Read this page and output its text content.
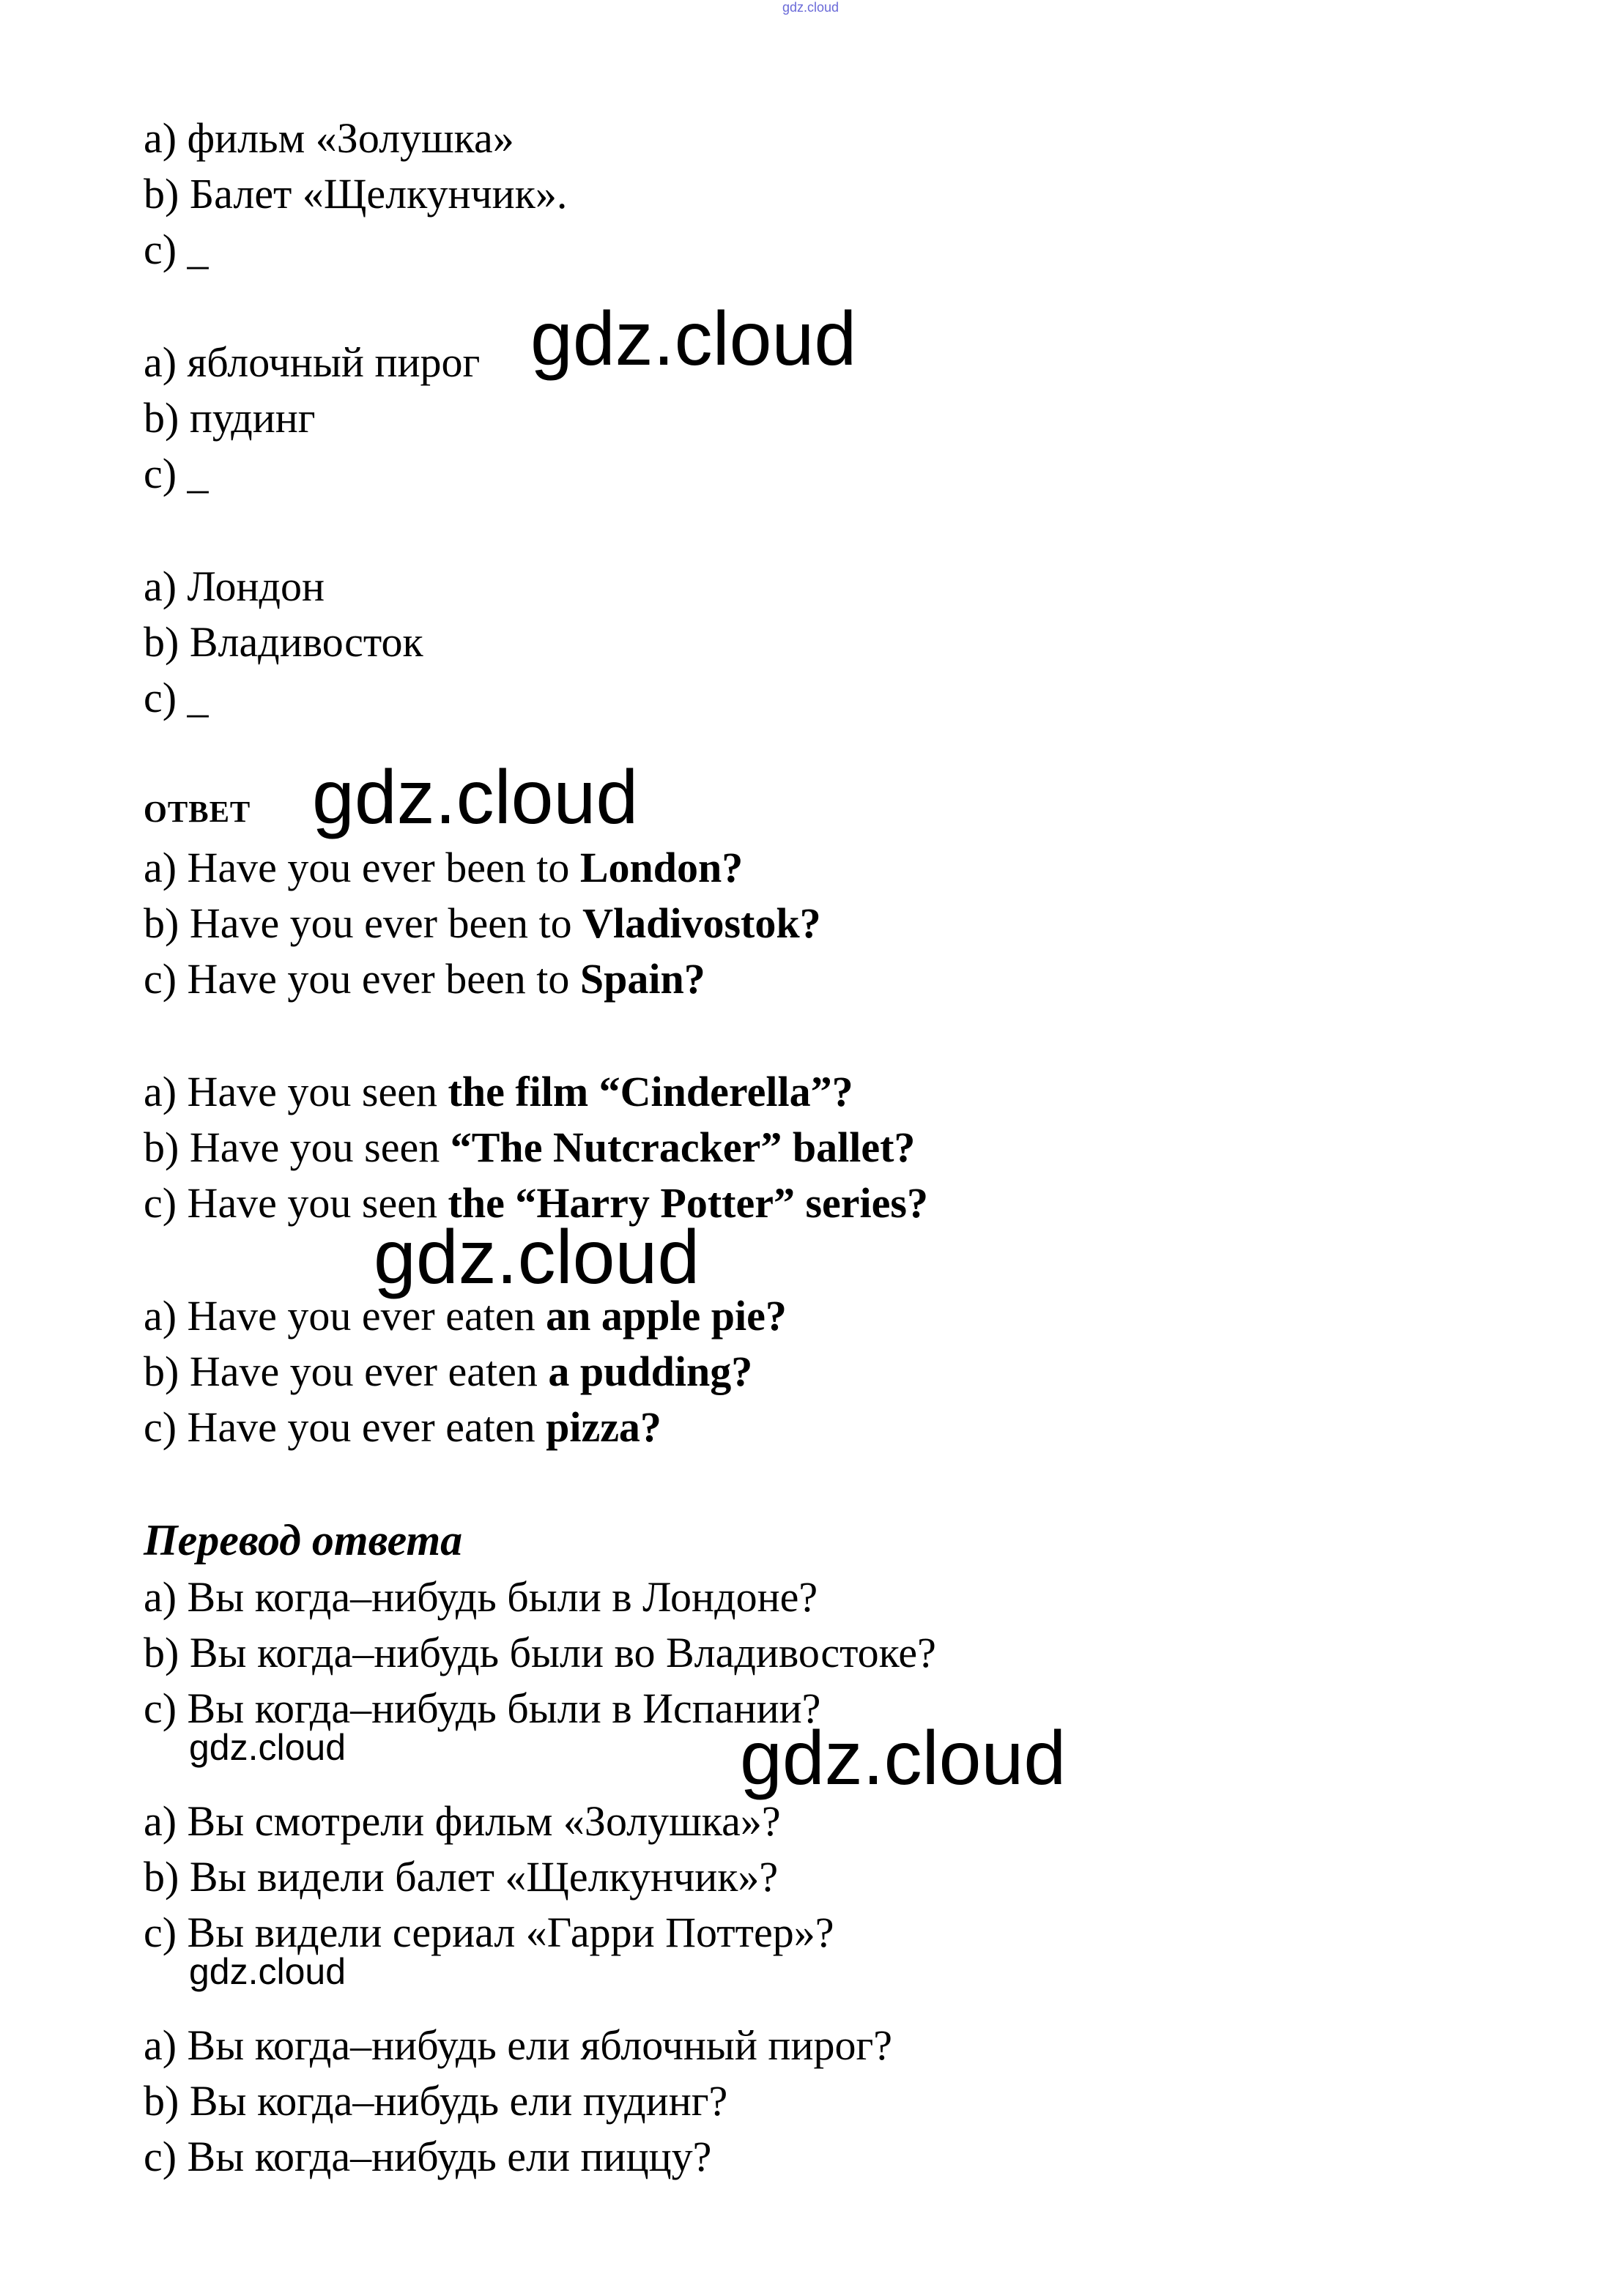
gdz.cloud
a) фильм «Золушка»
b) Балет «Щелкунчик».
c) _
a) яблочный пирог
b) пудинг
c) _
a) Лондон
b) Владивосток
c) _
ответ
a) Have you ever been to London?
b) Have you ever been to Vladivostok?
c) Have you ever been to Spain?
a) Have you seen the film “Cinderella”?
b) Have you seen “The Nutcracker” ballet?
c) Have you seen the “Harry Potter” series?
a) Have you ever eaten an apple pie?
b) Have you ever eaten a pudding?
c) Have you ever eaten pizza?
Перевод ответа
a) Вы когда–нибудь были в Лондоне?
b) Вы когда–нибудь были во Владивостоке?
c) Вы когда–нибудь были в Испании?
a) Вы смотрели фильм «Золушка»?
b) Вы видели балет «Щелкунчик»?
c) Вы видели сериал «Гарри Поттер»?
a) Вы когда–нибудь ели яблочный пирог?
b) Вы когда–нибудь ели пудинг?
c) Вы когда–нибудь ели пиццу?
gdz.cloud
gdz.cloud
gdz.cloud
gdz.cloud	gdz.cloud
gdz.cloud
